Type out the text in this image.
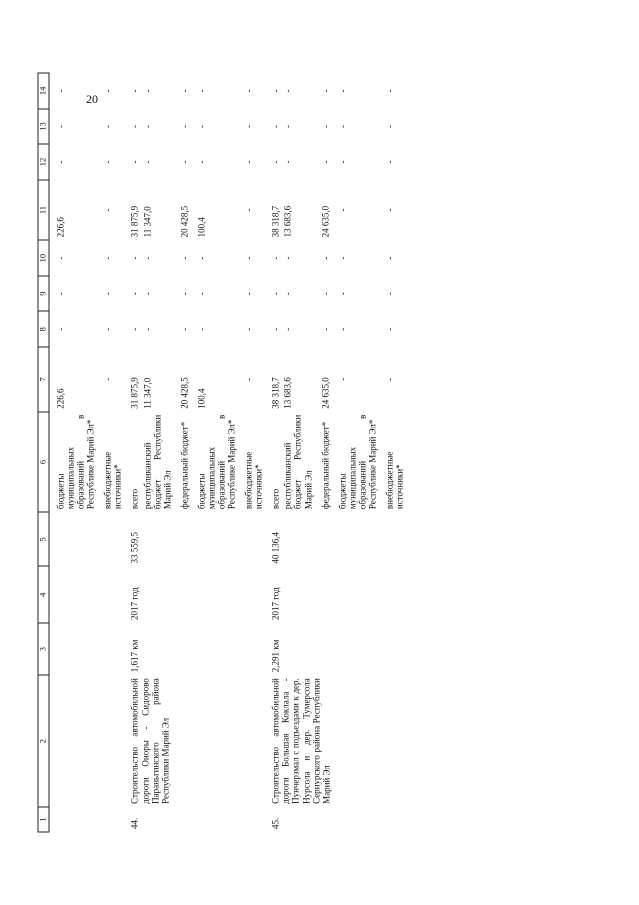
20
1	2	3	4	5	6	7	8	9	10	11	12	13	14

					бюджеты муниципальных образований в Республике Марий Эл*	226,6	-	-	-	226,6	-	-	-
					внебюджетные источники*	-	-	-	-	-	-	-	-
44.	Строительство автомобильной дороги Оноры - Сидорово Параньгинского района Республики Марий Эл	1,617 км	2017 год	33 559,5	всего	31 875,9	-	-	-	31 875,9	-	-	-
					республиканский бюджет Республики Марий Эл	11 347,0	-	-	-	11 347,0	-	-	-
					федеральный бюджет*	20 428,5	-	-	-	20 428,5	-	-	-
					бюджеты муниципальных образований в Республике Марий Эл*	100,4	-	-	-	100,4	-	-	-
					внебюджетные источники*	-	-	-	-	-	-	-	-
45.	Строительство автомобильной дороги Большая Коклала - Пунчерзмал с подъездами к дер. Нурсола и дер. Тумерсола Сернурского района Республики Марий Эл	2,291 км	2017 год	40 136,4	всего	38 318,7	-	-	-	38 318,7	-	-	-
					республиканский бюджет Республики Марий Эл	13 683,6	-	-	-	13 683,6	-	-	-
					федеральный бюджет*	24 635,0	-	-	-	24 635,0	-	-	-
					бюджеты муниципальных образований в Республике Марий Эл*	-	-	-	-	-	-	-	-
					внебюджетные источники*	-	-	-	-	-	-	-	-
